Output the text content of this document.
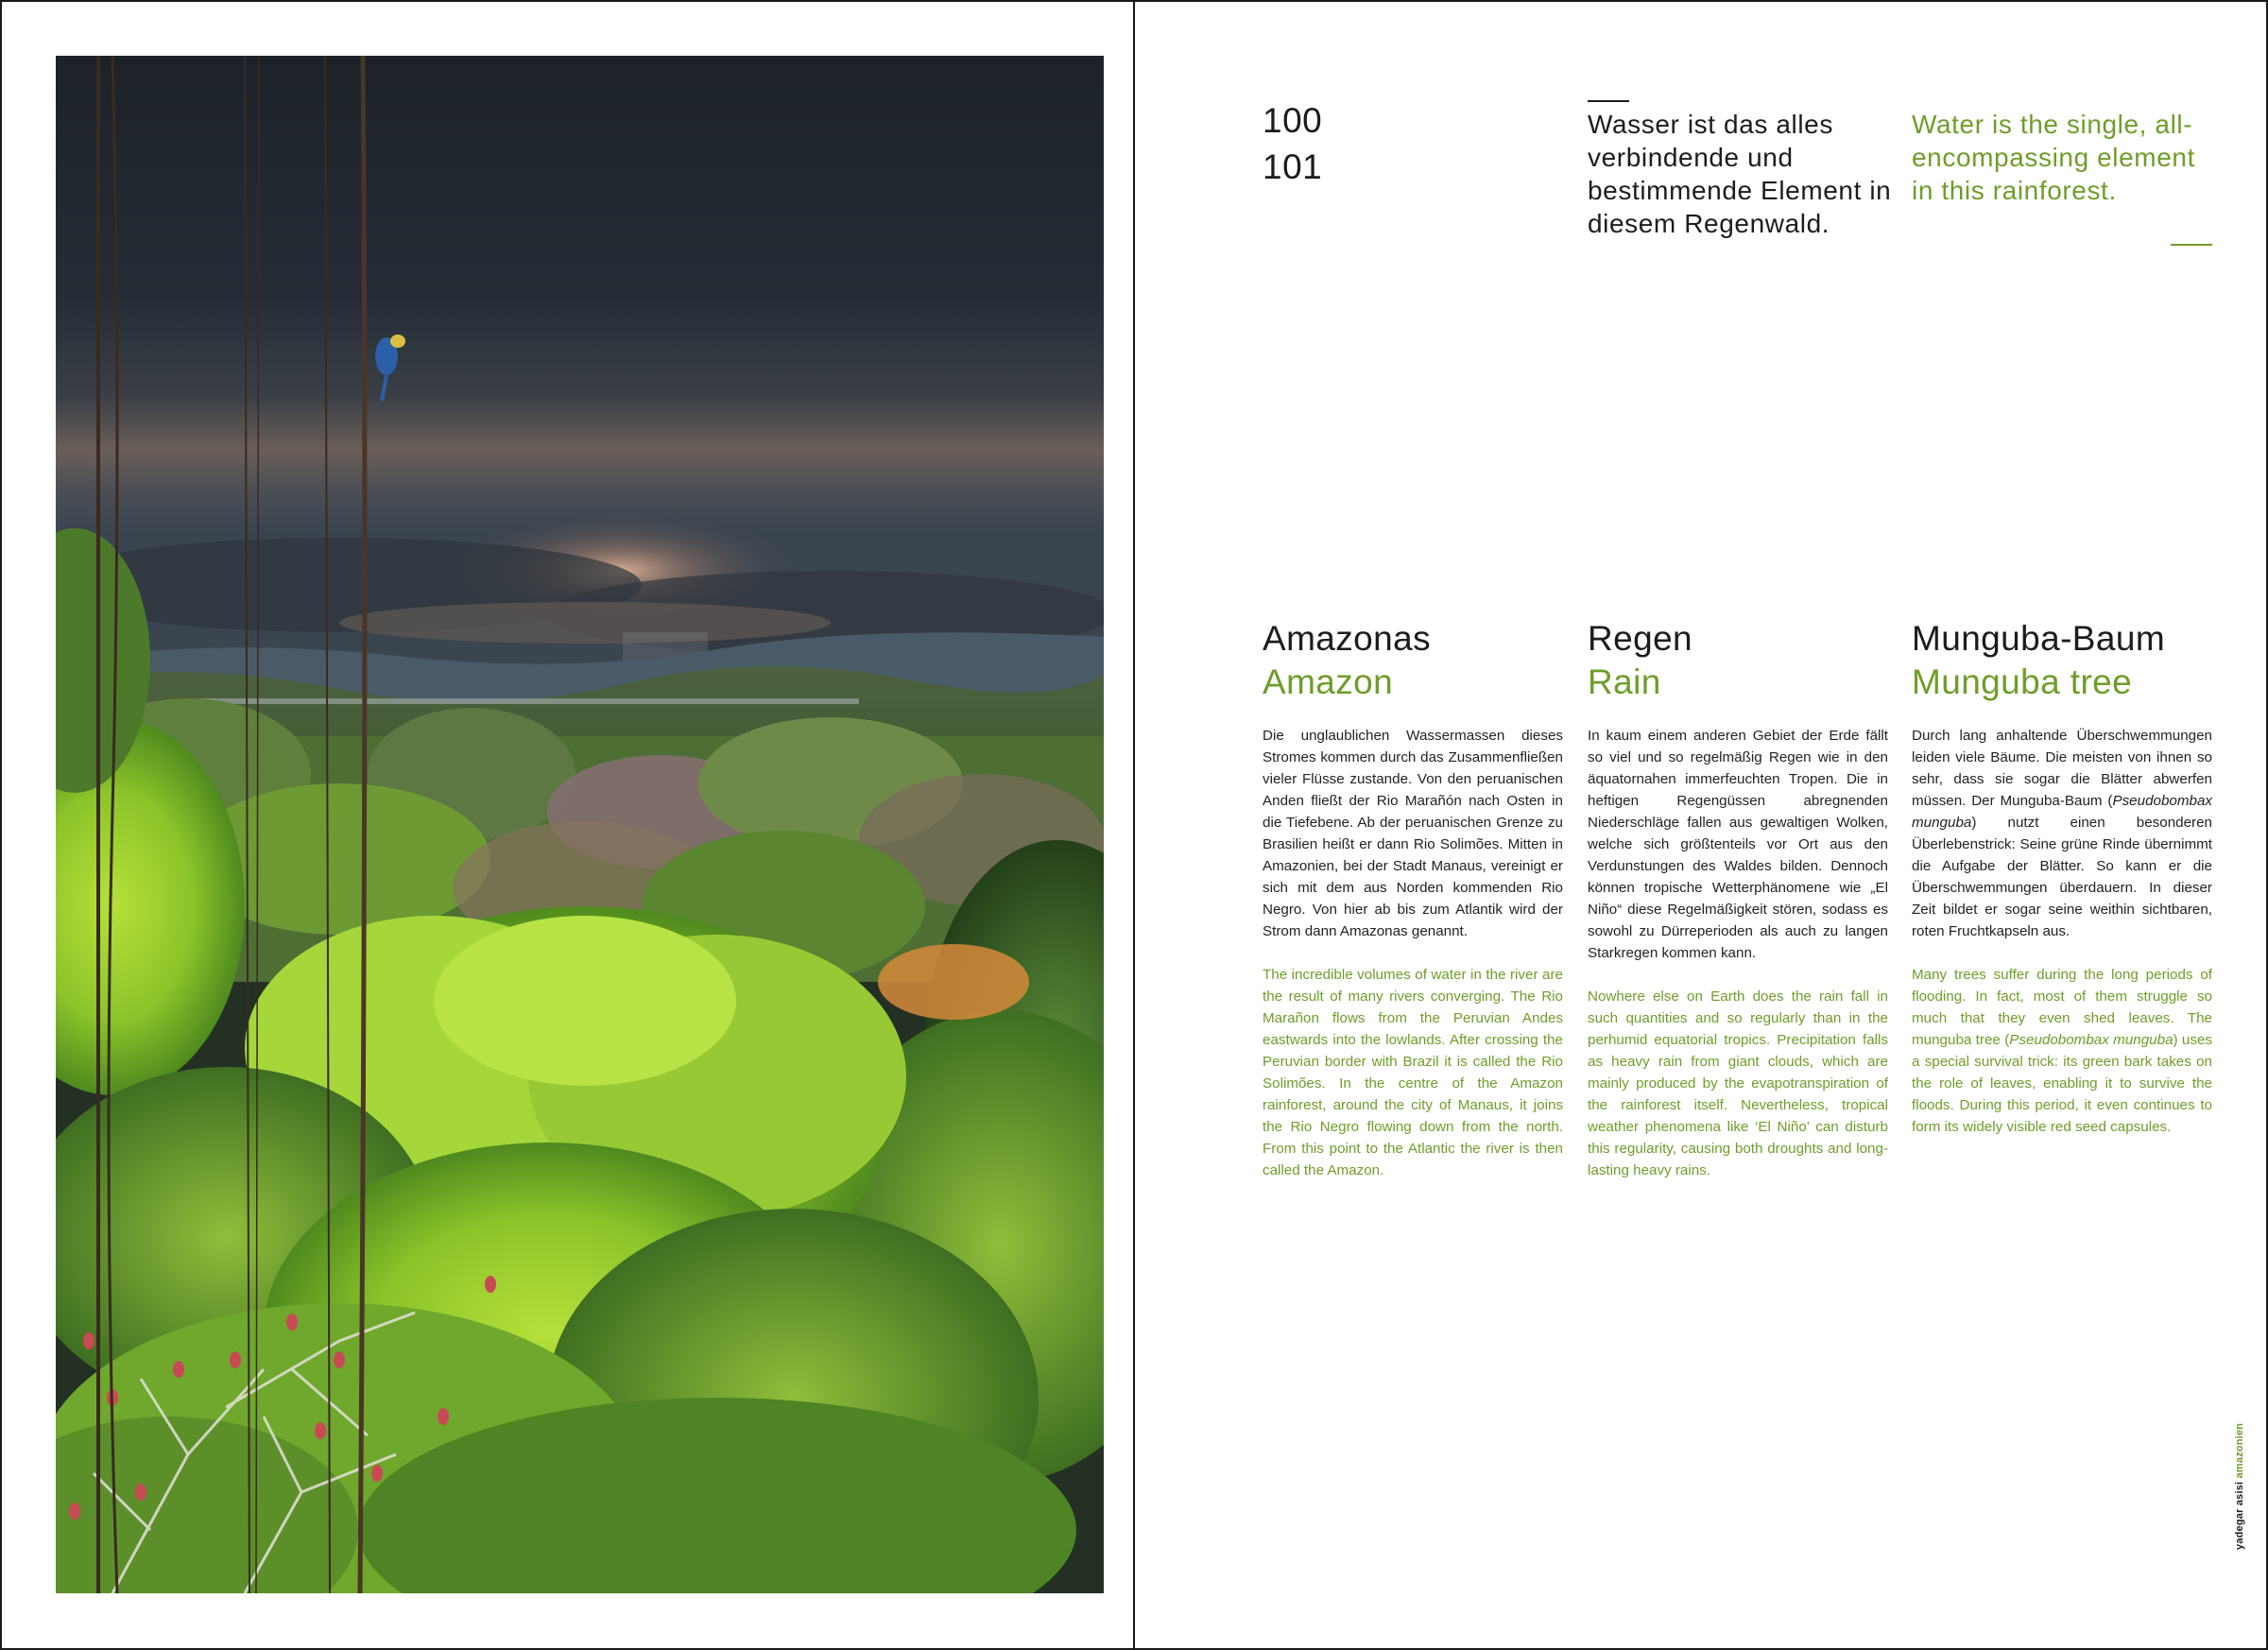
100
101
Wasser ist das alles verbindende und bestimmende Element in diesem Regenwald.
Water is the single, all-encompassing element in this rainforest.
Amazonas
Amazon

Die unglaublichen Wassermassen dieses Stromes kommen durch das Zusammenfließen vieler Flüsse zustande. Von den peruanischen Anden fließt der Rio Marañón nach Osten in die Tiefebene. Ab der peruanischen Grenze zu Brasilien heißt er dann Rio Solimões. Mitten in Amazonien, bei der Stadt Manaus, vereinigt er sich mit dem aus Norden kommenden Rio Negro. Von hier ab bis zum Atlantik wird der Strom dann Amazonas genannt.

The incredible volumes of water in the river are the result of many rivers converging. The Rio Marañon flows from the Peruvian Andes eastwards into the lowlands. After crossing the Peruvian border with Brazil it is called the Rio Solimões. In the centre of the Amazon rainforest, around the city of Manaus, it joins the Rio Negro flowing down from the north. From this point to the Atlantic the river is then called the Amazon.

Regen
Rain

In kaum einem anderen Gebiet der Erde fällt so viel und so regelmäßig Regen wie in den äquatornahen immerfeuchten Tropen. Die in heftigen Regengüssen abregnenden Niederschläge fallen aus gewaltigen Wolken, welche sich größtenteils vor Ort aus den Verdunstungen des Waldes bilden. Dennoch können tropische Wetterphänomene wie „El Niño“ diese Regelmäßigkeit stören, sodass es sowohl zu Dürreperioden als auch zu langen Starkregen kommen kann.

Nowhere else on Earth does the rain fall in such quantities and so regularly than in the perhumid equatorial tropics. Precipitation falls as heavy rain from giant clouds, which are mainly produced by the evapotranspiration of the rainforest itself. Nevertheless, tropical weather phenomena like ‘El Niño’ can disturb this regularity, causing both droughts and long-lasting heavy rains.

Munguba-Baum
Munguba tree

Durch lang anhaltende Überschwemmungen leiden viele Bäume. Die meisten von ihnen so sehr, dass sie sogar die Blätter abwerfen müssen. Der Munguba-Baum (Pseudobombax munguba) nutzt einen besonderen Überlebenstrick: Seine grüne Rinde übernimmt die Aufgabe der Blätter. So kann er die Überschwemmungen überdauern. In dieser Zeit bildet er sogar seine weithin sichtbaren, roten Fruchtkapseln aus.

Many trees suffer during the long periods of flooding. In fact, most of them struggle so much that they even shed leaves. The munguba tree (Pseudobombax munguba) uses a special survival trick: its green bark takes on the role of leaves, enabling it to survive the floods. During this period, it even continues to form its widely visible red seed capsules.

yadegar asisi amazonien
